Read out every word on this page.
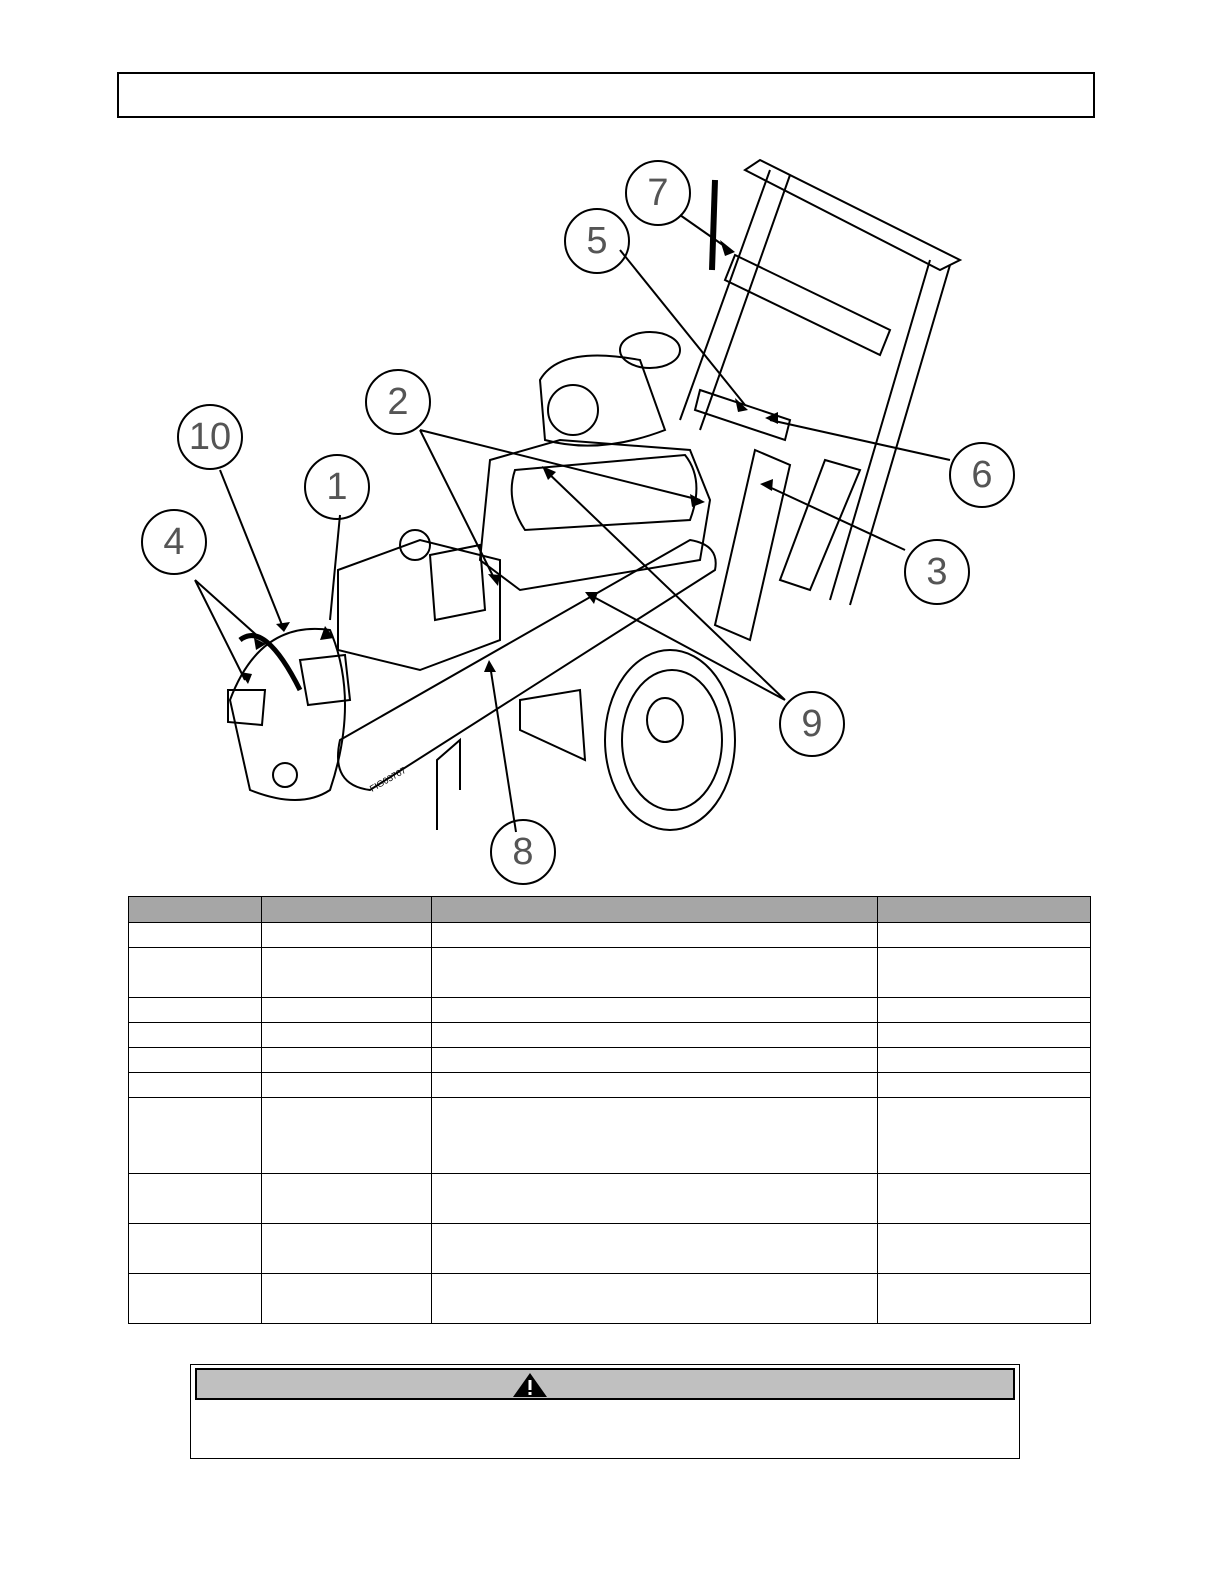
7
5
2
10
1
4
6
3
9
8
FIG03767
